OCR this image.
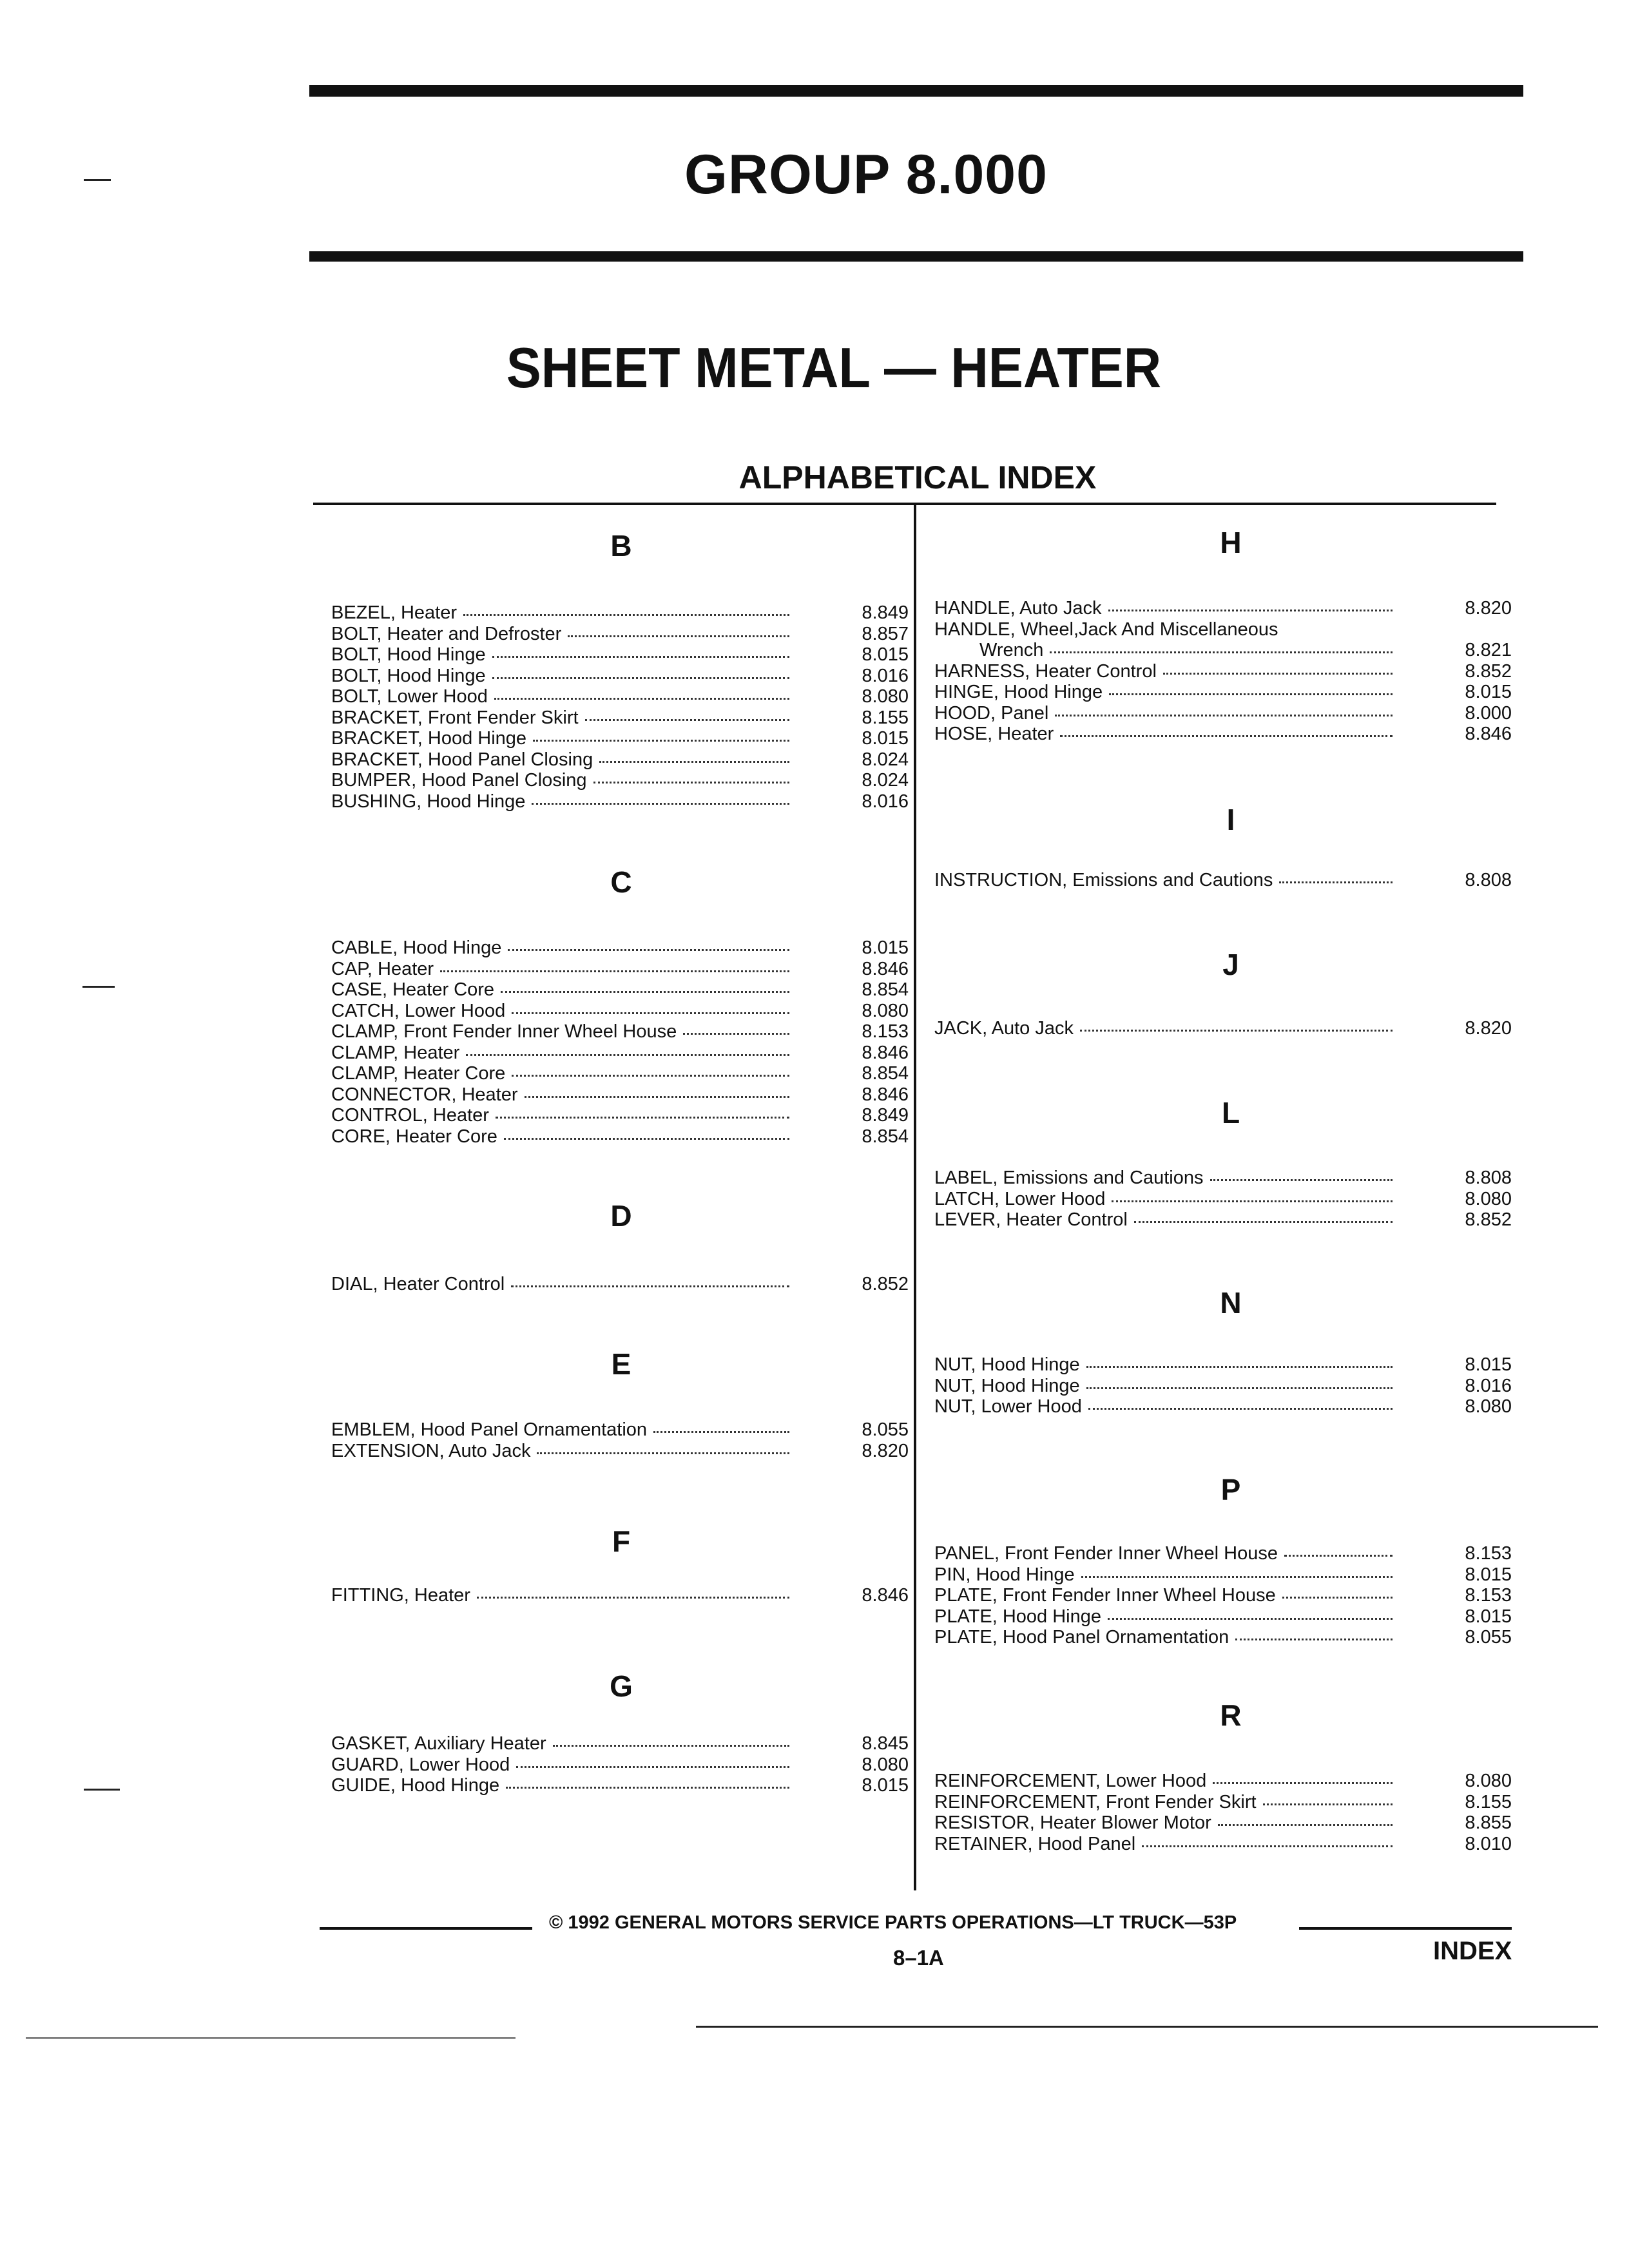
GROUP 8.000
SHEET METAL — HEATER
ALPHABETICAL INDEX
B
BEZEL, Heater	8.849
BOLT, Heater and Defroster	8.857
BOLT, Hood Hinge	8.015
BOLT, Hood Hinge	8.016
BOLT, Lower Hood	8.080
BRACKET, Front Fender Skirt	8.155
BRACKET, Hood Hinge	8.015
BRACKET, Hood Panel Closing	8.024
BUMPER, Hood Panel Closing	8.024
BUSHING, Hood Hinge	8.016
C
CABLE, Hood Hinge	8.015
CAP, Heater	8.846
CASE, Heater Core	8.854
CATCH, Lower Hood	8.080
CLAMP, Front Fender Inner Wheel House	8.153
CLAMP, Heater	8.846
CLAMP, Heater Core	8.854
CONNECTOR, Heater	8.846
CONTROL, Heater	8.849
CORE, Heater Core	8.854
D
DIAL, Heater Control	8.852
E
EMBLEM, Hood Panel Ornamentation	8.055
EXTENSION, Auto Jack	8.820
F
FITTING, Heater	8.846
G
GASKET, Auxiliary Heater	8.845
GUARD, Lower Hood	8.080
GUIDE, Hood Hinge	8.015
H
HANDLE, Auto Jack	8.820
HANDLE, Wheel,Jack And Miscellaneous
Wrench	8.821
HARNESS, Heater Control	8.852
HINGE, Hood Hinge	8.015
HOOD, Panel	8.000
HOSE, Heater	8.846
I
INSTRUCTION, Emissions and Cautions	8.808
J
JACK, Auto Jack	8.820
L
LABEL, Emissions and Cautions	8.808
LATCH, Lower Hood	8.080
LEVER, Heater Control	8.852
N
NUT, Hood Hinge	8.015
NUT, Hood Hinge	8.016
NUT, Lower Hood	8.080
P
PANEL, Front Fender Inner Wheel House	8.153
PIN, Hood Hinge	8.015
PLATE, Front Fender Inner Wheel House	8.153
PLATE, Hood Hinge	8.015
PLATE, Hood Panel Ornamentation	8.055
R
REINFORCEMENT, Lower Hood	8.080
REINFORCEMENT, Front Fender Skirt	8.155
RESISTOR, Heater Blower Motor	8.855
RETAINER, Hood Panel	8.010
© 1992 GENERAL MOTORS SERVICE PARTS OPERATIONS—LT TRUCK—53P
8–1A	INDEX
